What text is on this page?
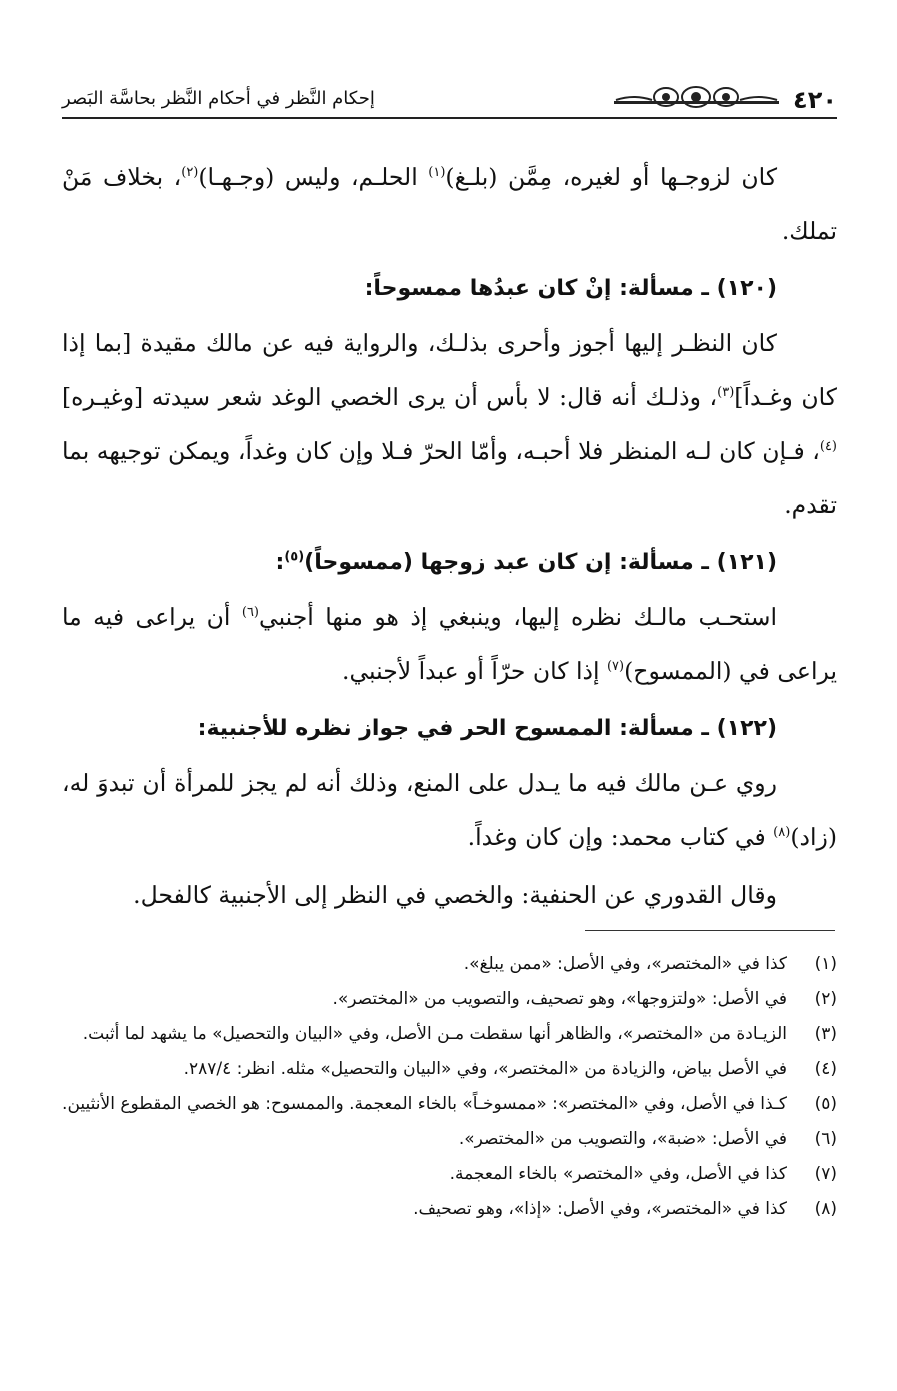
٤٢٠
إحكام النَّظر في أحكام النَّظر بحاسَّة البَصر

كان لزوجـها أو لغيره، مِمَّن (بلـغ)$^{(١)}$ الحلـم، وليس (وجـهـا)$^{(٢)}$، بخلاف مَنْ تملك.

(١٢٠) ـ مسألة: إنْ كان عبدُها ممسوحاً:

كان النظـر إليها أجوز وأحرى بذلـك، والرواية فيه عن مالك مقيدة [بما إذا كان وغـداً]$^{(٣)}$، وذلـك أنه قال: لا بأس أن يرى الخصي الوغد شعر سيدته [وغيـره]$^{(٤)}$، فـإن كان لـه المنظر فلا أحبـه، وأمّا الحرّ فـلا وإن كان وغداً، ويمكن توجيهه بما تقدم.

(١٢١) ـ مسألة: إن كان عبد زوجها (ممسوحاً)$^{(٥)}$:

استحـب مالـك نظره إليها، وينبغي إذ هو منها أجنبي$^{(٦)}$ أن يراعى فيه ما يراعى في (الممسوح)$^{(٧)}$ إذا كان حرّاً أو عبداً لأجنبي.

(١٢٢) ـ مسألة: الممسوح الحر في جواز نظره للأجنبية:

روي عـن مالك فيه ما يـدل على المنع، وذلك أنه لم يجز للمرأة أن تبدوَ له، (زاد)$^{(٨)}$ في كتاب محمد: وإن كان وغداً.

وقال القدوري عن الحنفية: والخصي في النظر إلى الأجنبية كالفحل.

(١)
كذا في «المختصر»، وفي الأصل: «ممن يبلغ».
(٢)
في الأصل: «ولتزوجها»، وهو تصحيف، والتصويب من «المختصر».
(٣)
الزيـادة من «المختصر»، والظاهر أنها سقطت مـن الأصل، وفي «البيان والتحصيل» ما يشهد لما أثبت.
(٤)
في الأصل بياض، والزيادة من «المختصر»، وفي «البيان والتحصيل» مثله. انظر: ٢٨٧/٤.
(٥)
كـذا في الأصل، وفي «المختصر»: «ممسوخـاً» بالخاء المعجمة. والممسوح: هو الخصي المقطوع الأنثيين.
(٦)
في الأصل: «ضبة»، والتصويب من «المختصر».
(٧)
كذا في الأصل، وفي «المختصر» بالخاء المعجمة.
(٨)
كذا في «المختصر»، وفي الأصل: «إذا»، وهو تصحيف.
